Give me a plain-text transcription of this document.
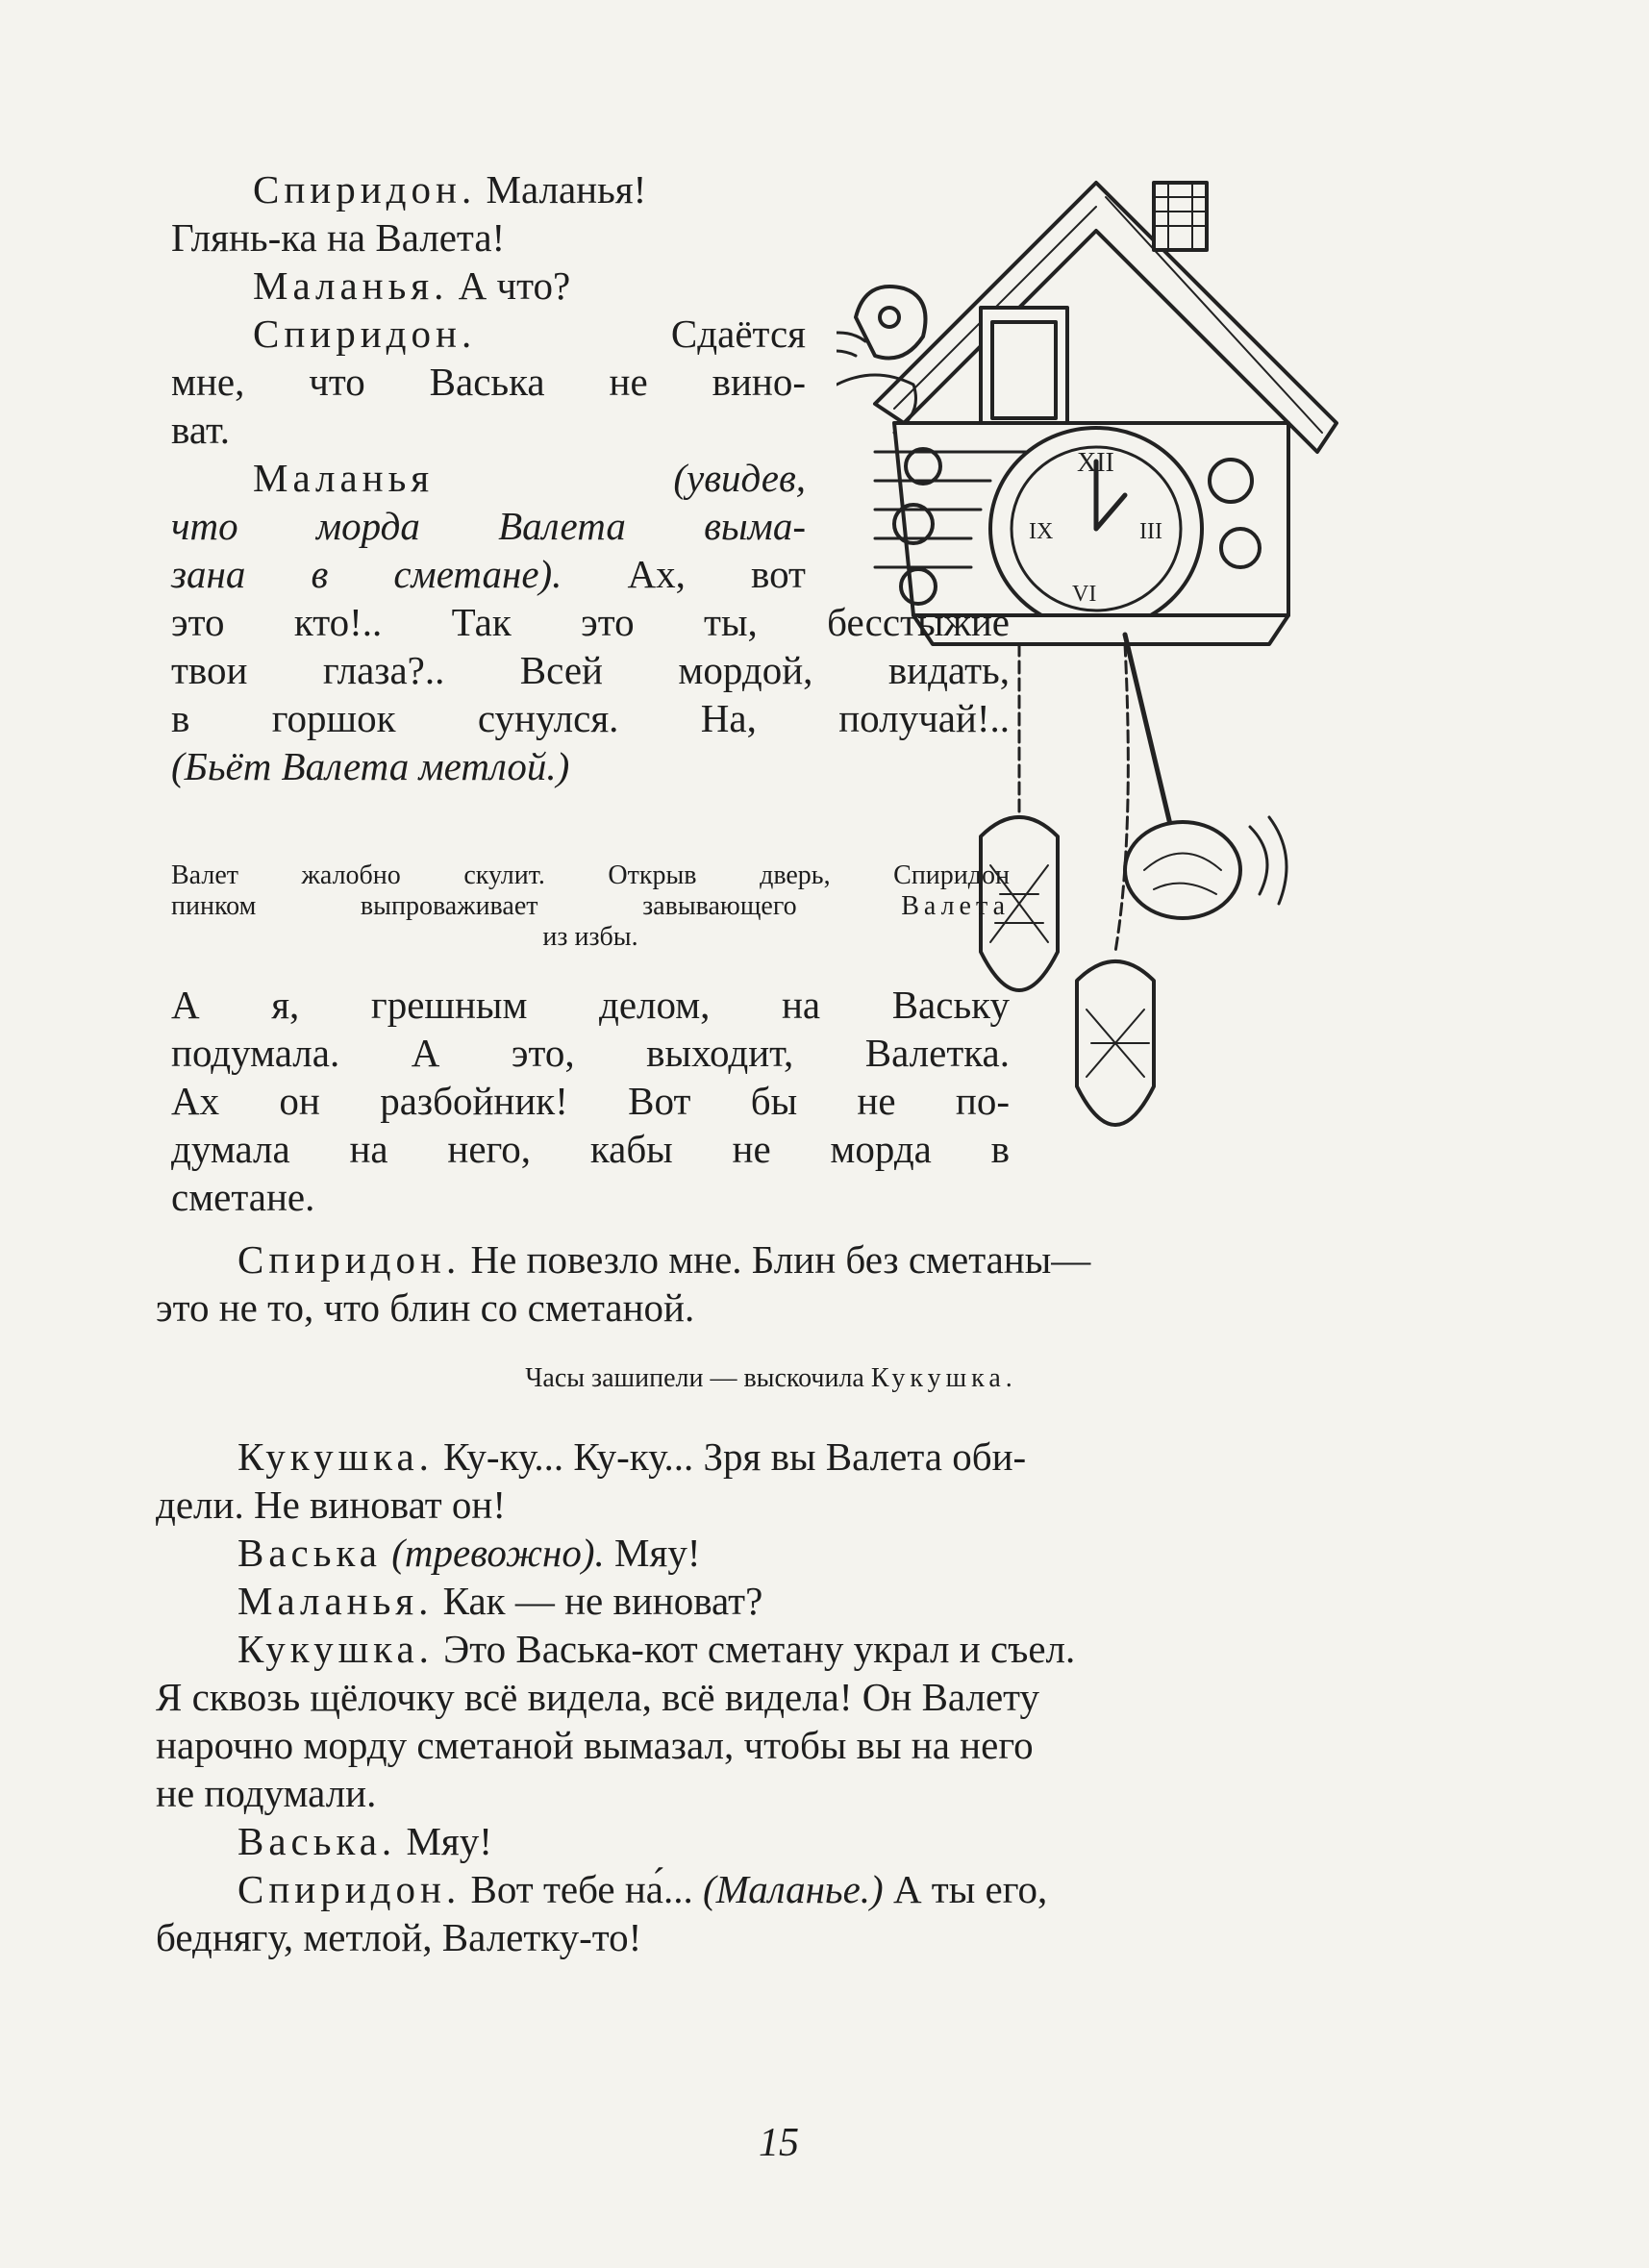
XII
III
IX
VI
Спиридон. Маланья!
Глянь-ка на Валета!
Маланья. А что?
Спиридон.	Сдаётся
мне, что Васька не вино-
ват.
Маланья	(увидев,
что морда Валета выма-
зана в сметане). Ах, вот
это кто!.. Так это ты, бесстыжие
твои глаза?.. Всей мордой, видать,
в горшок сунулся. На, получай!..
(Бьёт Валета метлой.)
Валет жалобно скулит. Открыв дверь, Спиридон
пинком выпроваживает завывающего Валета
из избы.
А я, грешным делом, на Ваську
подумала. А это, выходит, Валетка.
Ах он разбойник! Вот бы не по-
думала на него, кабы не морда в
сметане.
Спиридон. Не повезло мне. Блин без сметаны—
это не то, что блин со сметаной.
Часы зашипели — выскочила Кукушка.
Кукушка. Ку-ку... Ку-ку... Зря вы Валета оби-
дели. Не виноват он!
Васька (тревожно). Мяу!
Маланья. Как — не виноват?
Кукушка. Это Васька-кот сметану украл и съел.
Я сквозь щёлочку всё видела, всё видела! Он Валету
нарочно морду сметаной вымазал, чтобы вы на него
не подумали.
Васька. Мяу!
Спиридон. Вот тебе на́... (Маланье.) А ты его,
беднягу, метлой, Валетку-то!
15
